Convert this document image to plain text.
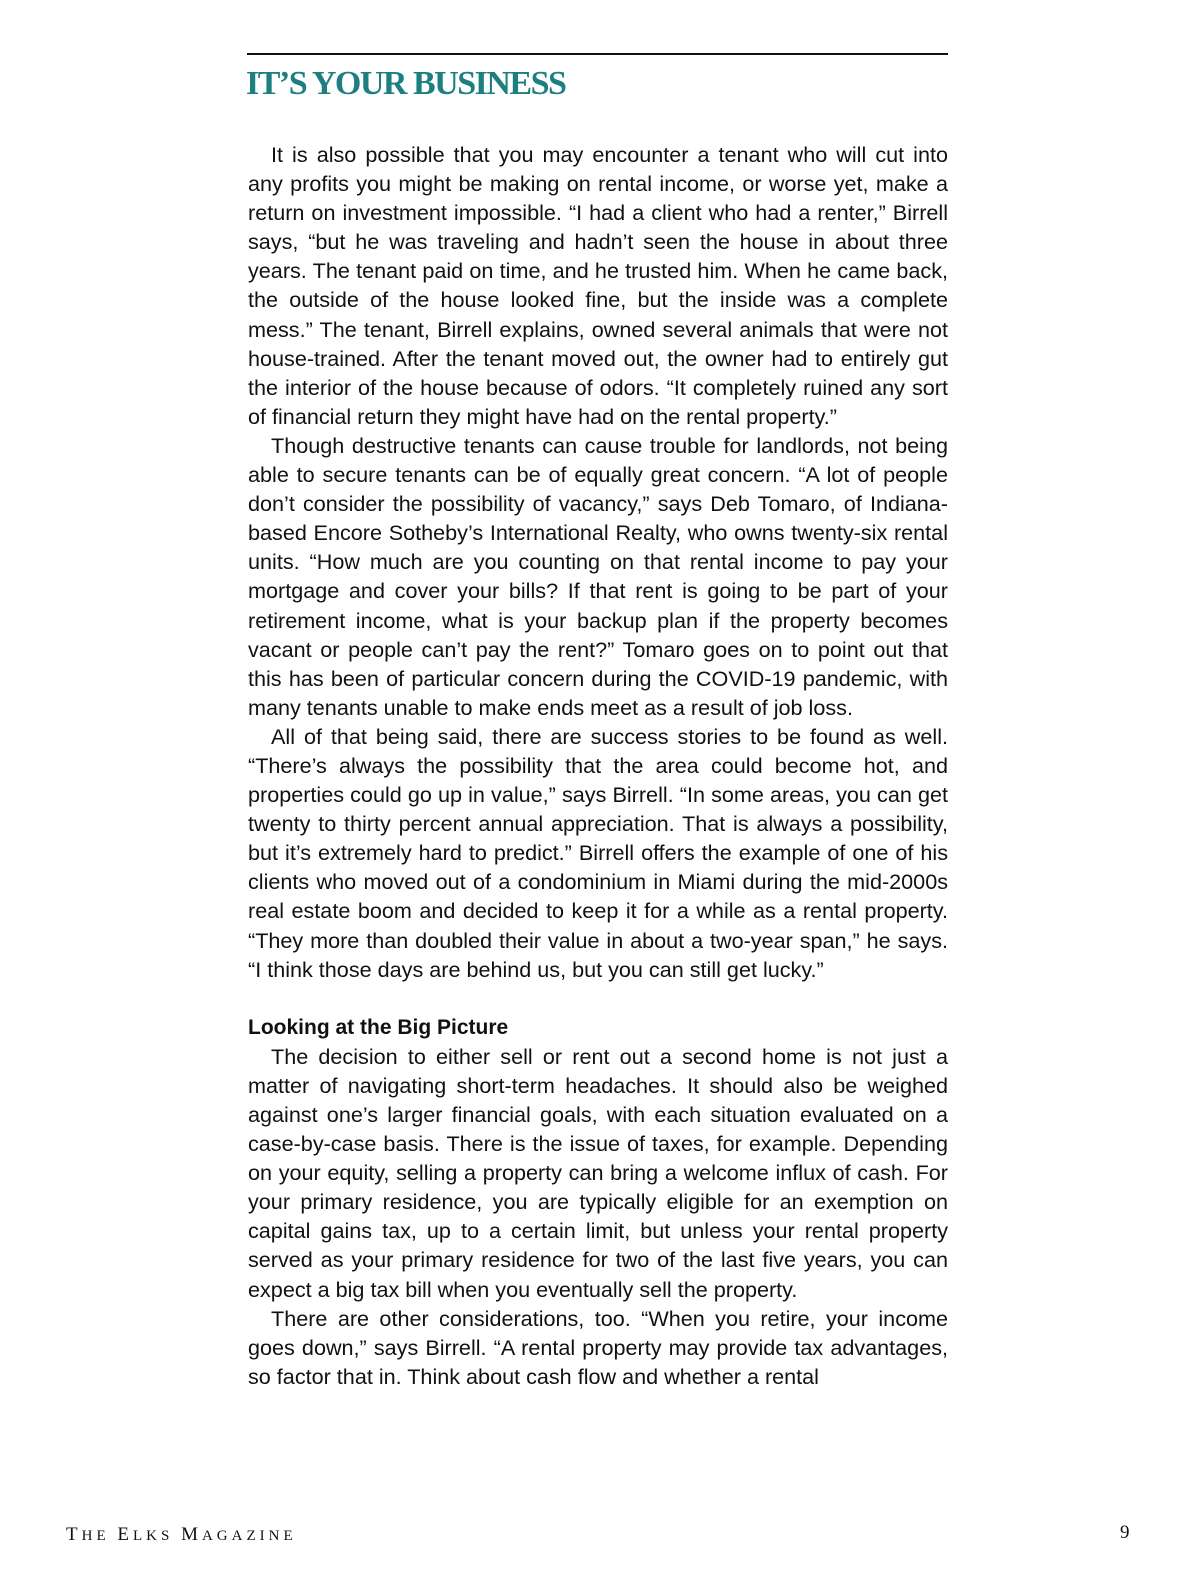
IT’S YOUR BUSINESS

It is also possible that you may encounter a tenant who will cut into any profits you might be making on rental income, or worse yet, make a return on investment impossible. “I had a client who had a renter,” Birrell says, “but he was traveling and hadn’t seen the house in about three years. The tenant paid on time, and he trusted him. When he came back, the outside of the house looked fine, but the inside was a complete mess.” The tenant, Birrell explains, owned several animals that were not house-trained. After the tenant moved out, the owner had to entirely gut the interior of the house because of odors. “It completely ruined any sort of financial return they might have had on the rental property.”

Though destructive tenants can cause trouble for landlords, not being able to secure tenants can be of equally great concern. “A lot of people don’t consider the possibility of vacancy,” says Deb Tomaro, of Indiana-based Encore Sotheby’s International Realty, who owns twenty-six rental units. “How much are you counting on that rental income to pay your mortgage and cover your bills? If that rent is going to be part of your retirement income, what is your backup plan if the property becomes vacant or people can’t pay the rent?” Tomaro goes on to point out that this has been of particular concern during the COVID-19 pandemic, with many tenants unable to make ends meet as a result of job loss.

All of that being said, there are success stories to be found as well. “There’s always the possibility that the area could become hot, and properties could go up in value,” says Birrell. “In some areas, you can get twenty to thirty percent annual appreciation. That is always a possibility, but it’s extremely hard to predict.” Birrell offers the example of one of his clients who moved out of a condominium in Miami during the mid-2000s real estate boom and decided to keep it for a while as a rental property. “They more than doubled their value in about a two-year span,” he says. “I think those days are behind us, but you can still get lucky.”

Looking at the Big Picture

The decision to either sell or rent out a second home is not just a matter of navigating short-term headaches. It should also be weighed against one’s larger financial goals, with each situation evaluated on a case-by-case basis. There is the issue of taxes, for example. Depending on your equity, selling a property can bring a welcome influx of cash. For your primary residence, you are typically eligible for an exemption on capital gains tax, up to a certain limit, but unless your rental property served as your primary residence for two of the last five years, you can expect a big tax bill when you eventually sell the property.

There are other considerations, too. “When you retire, your income goes down,” says Birrell. “A rental property may provide tax advantages, so factor that in. Think about cash flow and whether a rental

THE ELKS MAGAZINE	9
